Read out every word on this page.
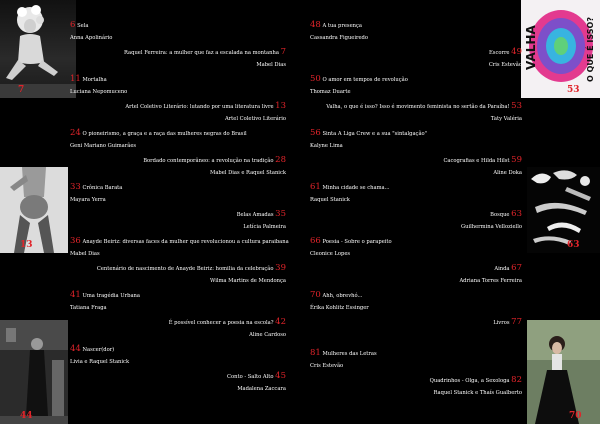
7
13
44
VALHA	O QUE É ISSO?
53
63
70
6 Sela
Anna Apolinário
Raquel Ferreira: a mulher que faz a escalada na montanha 7
Mabel Dias
11 Mortalha
Luciana Nepomuceno
Artel Coletivo Literário: lutando por uma literatura livre 13
Artel Coletivo Literário
24 O pioneirismo, a graça e a raça das mulheres negras do Brasil
Geni Mariano Guimarães
Bordado contemporâneo: a revolução na tradição 28
Mabel Dias e Raquel Stanick
33 Crônica Barata
Mayara Yerra
Belas Amadas 35
Letícia Palmeira
36 Anayde Beiriz: diversas faces da mulher que revolucionou a cultura paraibana
Mabel Dias
Centenário de nascimento de Anayde Beiriz: homilia da celebração 39
Wilma Martins de Mendonça
41 Uma tragédia Urbana
Tatiana Fraga
É possível conhecer a poesia na escola? 42
Aline Cardoso
44 Nascer(dor)
Livia e Raquel Stanick
Conto - Salto Alto 45
Madalena Zaccara
48 A tua presença
Cassandra Figueiredo
Escorre 49
Cris Estevão
50 O amor em tempos de revolução
Thomaz Duarte
Valha, o que é isso? Isso é movimento feminista no sertão da Paraíba! 53
Taty Valéria
56 Sinta A Liga Crew e a sua "sintalgação"
Kalyne Lima
Cacografias e Hilda Hilst 59
Aline Doka
61 Minha cidade se chama...
Raquel Stanick
Bosque 63
Guilhermina Velloziello
66 Poesia - Sobre o parapeito
Cleonice Lopes
Ainda 67
Adriana Torres Ferreira
70 Ahh, obrevhó...
Érika Kohlitz Essinger
Livros 77
81 Mulheres das Letras
Cris Estevão
Quadrinhos - Olga, a Sexologa 82
Raquel Stanick e Thaís Gualberto
